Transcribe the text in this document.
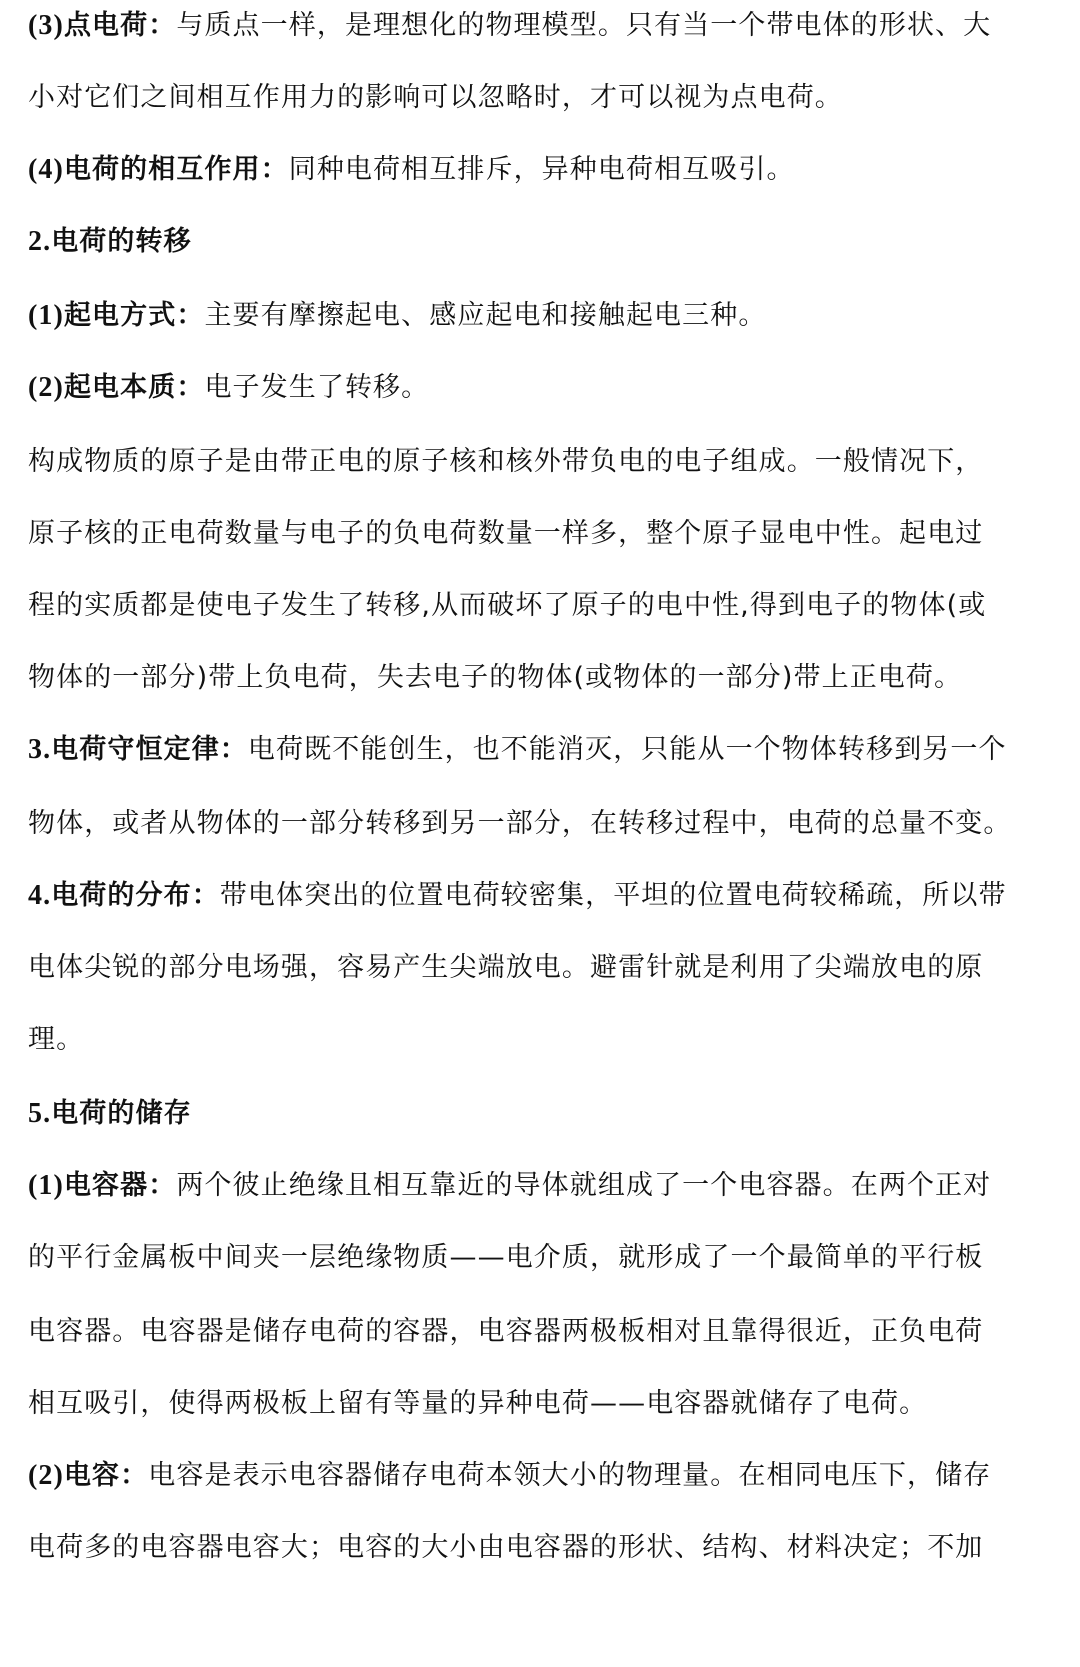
(3)点电荷：与质点一样，是理想化的物理模型。只有当一个带电体的形状、大
小对它们之间相互作用力的影响可以忽略时，才可以视为点电荷。
(4)电荷的相互作用：同种电荷相互排斥，异种电荷相互吸引。
2.电荷的转移
(1)起电方式：主要有摩擦起电、感应起电和接触起电三种。
(2)起电本质：电子发生了转移。
构成物质的原子是由带正电的原子核和核外带负电的电子组成。一般情况下，
原子核的正电荷数量与电子的负电荷数量一样多，整个原子显电中性。起电过
程的实质都是使电子发生了转移,从而破坏了原子的电中性,得到电子的物体(或
物体的一部分)带上负电荷，失去电子的物体(或物体的一部分)带上正电荷。
3.电荷守恒定律：电荷既不能创生，也不能消灭，只能从一个物体转移到另一个
物体，或者从物体的一部分转移到另一部分，在转移过程中，电荷的总量不变。
4.电荷的分布：带电体突出的位置电荷较密集，平坦的位置电荷较稀疏，所以带
电体尖锐的部分电场强，容易产生尖端放电。避雷针就是利用了尖端放电的原
理。
5.电荷的储存
(1)电容器：两个彼止绝缘且相互靠近的导体就组成了一个电容器。在两个正对
的平行金属板中间夹一层绝缘物质——电介质，就形成了一个最简单的平行板
电容器。电容器是储存电荷的容器，电容器两极板相对且靠得很近，正负电荷
相互吸引，使得两极板上留有等量的异种电荷——电容器就储存了电荷。
(2)电容：电容是表示电容器储存电荷本领大小的物理量。在相同电压下，储存
电荷多的电容器电容大；电容的大小由电容器的形状、结构、材料决定；不加
